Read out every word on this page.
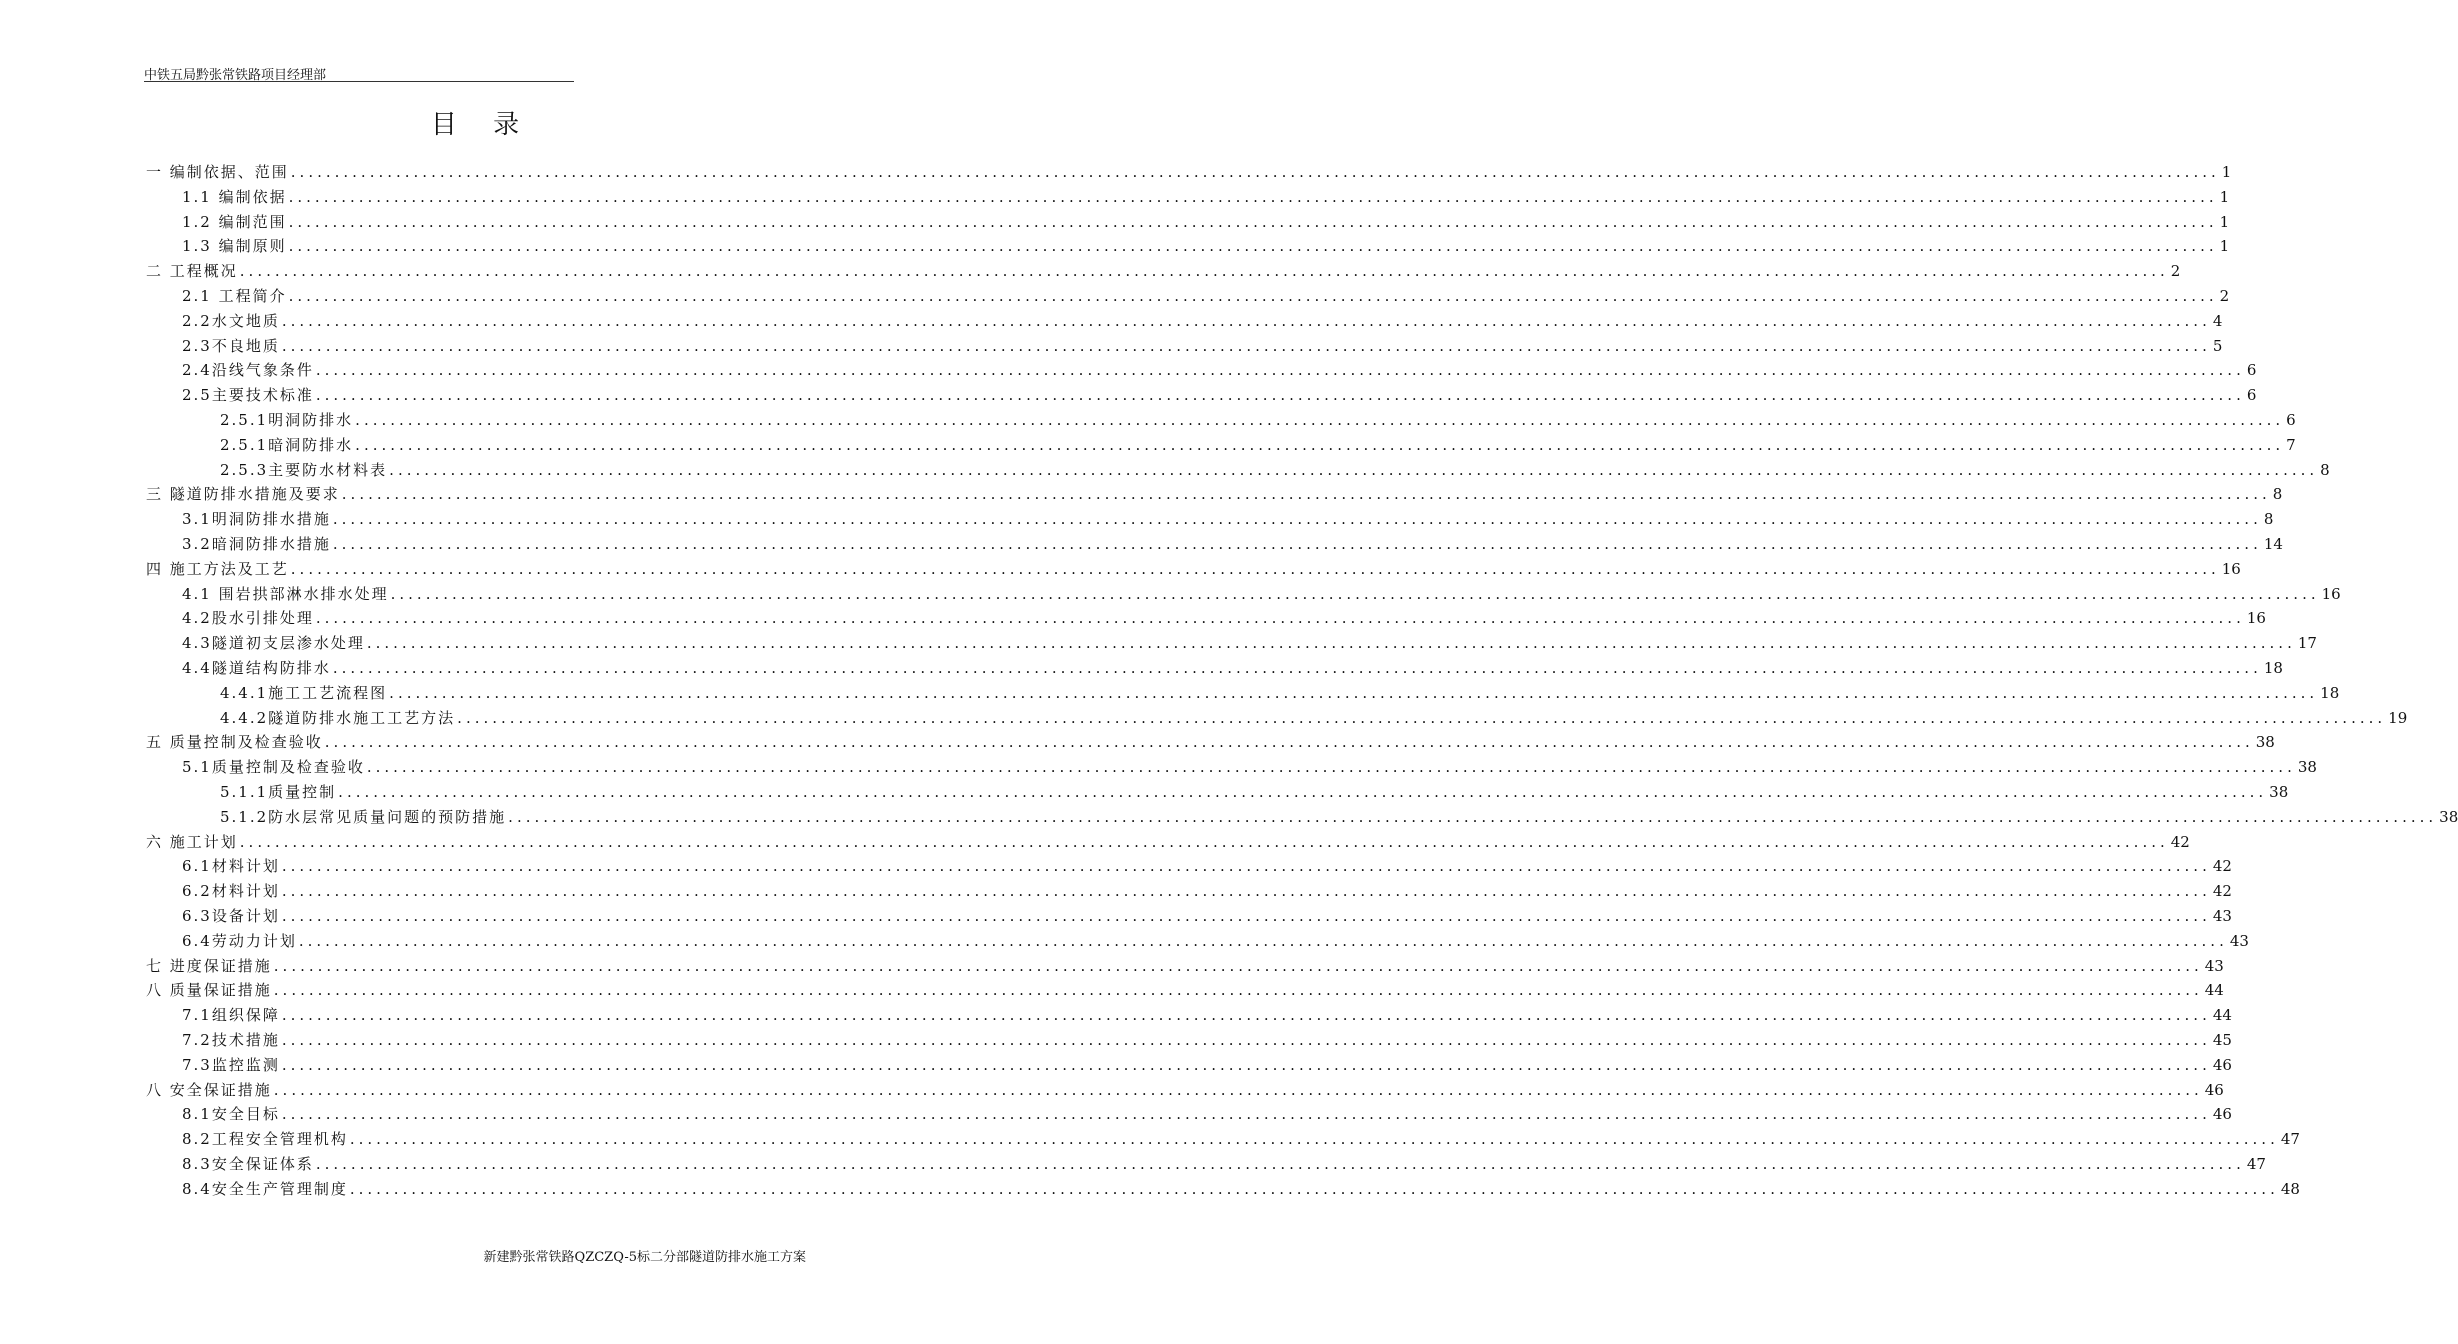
中铁五局黔张常铁路项目经理部
目 录
一 编制依据、范围 ............................................................................................................................................................................................................................ 1
1.1 编制依据 ............................................................................................................................................................................................................................ 1
1.2 编制范围 ............................................................................................................................................................................................................................ 1
1.3 编制原则 ............................................................................................................................................................................................................................ 1
二 工程概况 ............................................................................................................................................................................................................................ 2
2.1 工程简介 ............................................................................................................................................................................................................................ 2
2.2水文地质 ............................................................................................................................................................................................................................ 4
2.3不良地质 ............................................................................................................................................................................................................................ 5
2.4沿线气象条件 ............................................................................................................................................................................................................................ 6
2.5主要技术标准 ............................................................................................................................................................................................................................ 6
2.5.1明洞防排水 ............................................................................................................................................................................................................................ 6
2.5.1暗洞防排水 ............................................................................................................................................................................................................................ 7
2.5.3主要防水材料表 ............................................................................................................................................................................................................................ 8
三 隧道防排水措施及要求 ............................................................................................................................................................................................................................ 8
3.1明洞防排水措施 ............................................................................................................................................................................................................................ 8
3.2暗洞防排水措施 ............................................................................................................................................................................................................................ 14
四 施工方法及工艺 ............................................................................................................................................................................................................................ 16
4.1 围岩拱部淋水排水处理 ............................................................................................................................................................................................................................ 16
4.2股水引排处理 ............................................................................................................................................................................................................................ 16
4.3隧道初支层渗水处理 ............................................................................................................................................................................................................................ 17
4.4隧道结构防排水 ............................................................................................................................................................................................................................ 18
4.4.1施工工艺流程图 ............................................................................................................................................................................................................................ 18
4.4.2隧道防排水施工工艺方法 ............................................................................................................................................................................................................................ 19
五 质量控制及检查验收 ............................................................................................................................................................................................................................ 38
5.1质量控制及检查验收 ............................................................................................................................................................................................................................ 38
5.1.1质量控制 ............................................................................................................................................................................................................................ 38
5.1.2防水层常见质量问题的预防措施 ............................................................................................................................................................................................................................ 38
六 施工计划 ............................................................................................................................................................................................................................ 42
6.1材料计划 ............................................................................................................................................................................................................................ 42
6.2材料计划 ............................................................................................................................................................................................................................ 42
6.3设备计划 ............................................................................................................................................................................................................................ 43
6.4劳动力计划 ............................................................................................................................................................................................................................ 43
七 进度保证措施 ............................................................................................................................................................................................................................ 43
八 质量保证措施 ............................................................................................................................................................................................................................ 44
7.1组织保障 ............................................................................................................................................................................................................................ 44
7.2技术措施 ............................................................................................................................................................................................................................ 45
7.3监控监测 ............................................................................................................................................................................................................................ 46
八 安全保证措施 ............................................................................................................................................................................................................................ 46
8.1安全目标 ............................................................................................................................................................................................................................ 46
8.2工程安全管理机构 ............................................................................................................................................................................................................................ 47
8.3安全保证体系 ............................................................................................................................................................................................................................ 47
8.4安全生产管理制度 ............................................................................................................................................................................................................................ 48
新建黔张常铁路QZCZQ-5标二分部隧道防排水施工方案
